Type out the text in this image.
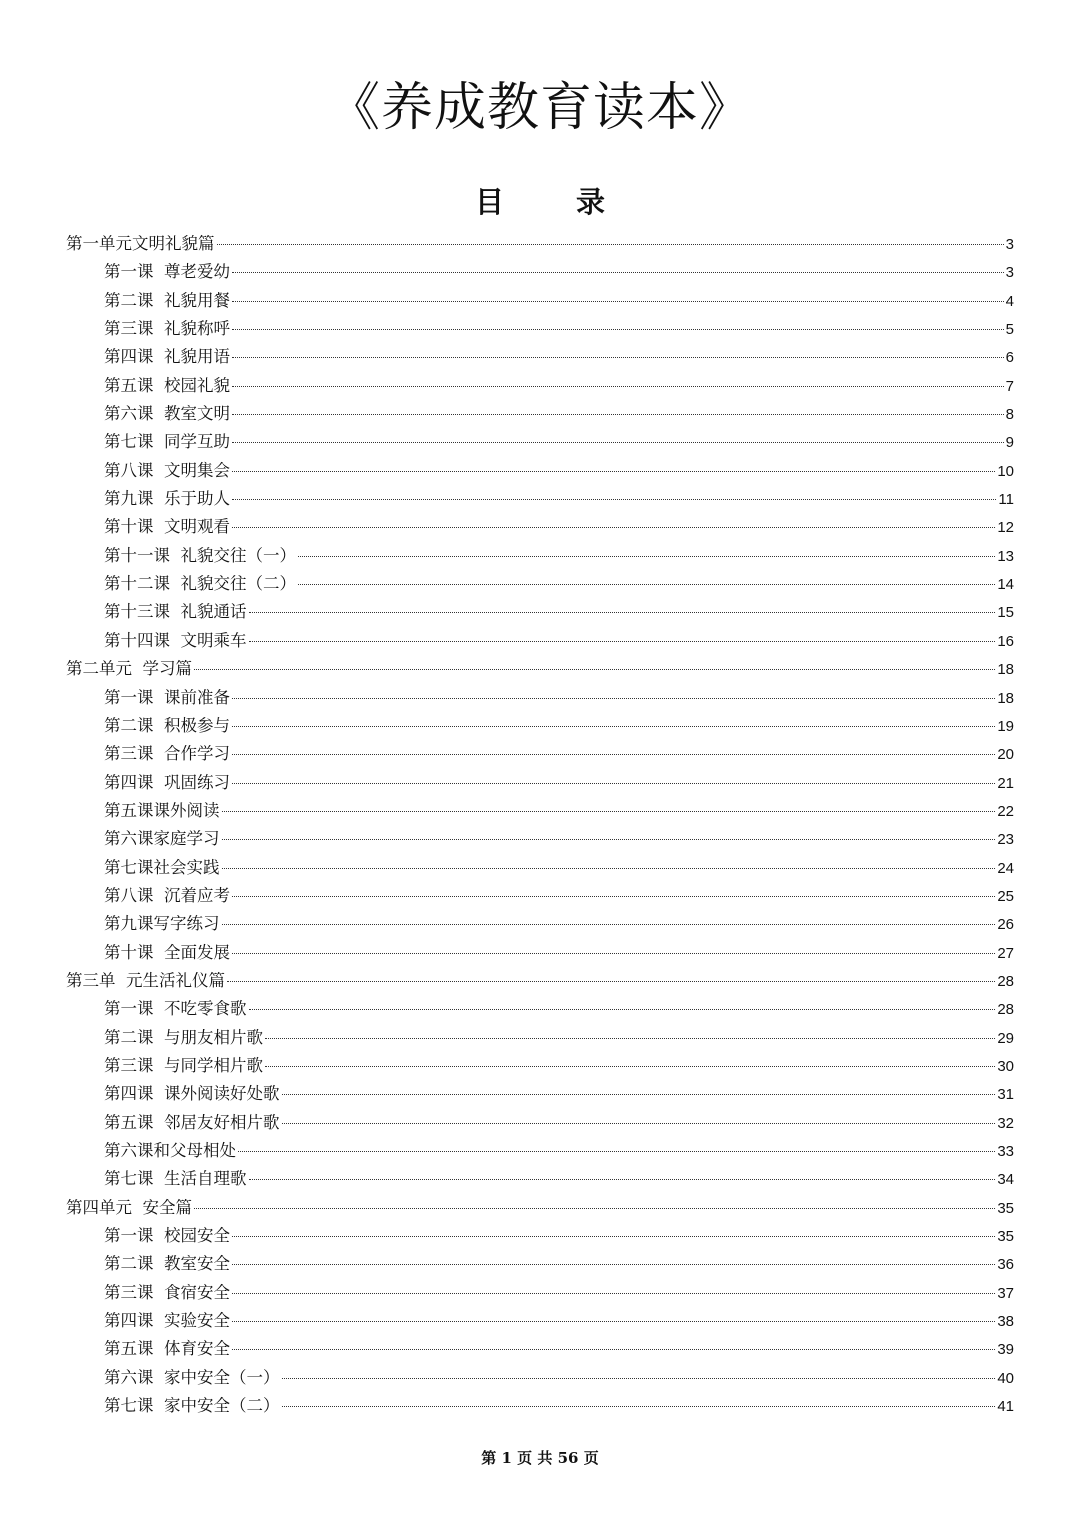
《养成教育读本》
目 录
第一单元文明礼貌篇	3
第一课  尊老爱幼	3
第二课  礼貌用餐	4
第三课  礼貌称呼	5
第四课  礼貌用语	6
第五课  校园礼貌	7
第六课  教室文明	8
第七课  同学互助	9
第八课  文明集会	10
第九课  乐于助人	11
第十课  文明观看	12
第十一课  礼貌交往（一）	13
第十二课  礼貌交往（二）	14
第十三课  礼貌通话	15
第十四课  文明乘车	16
第二单元  学习篇	18
第一课  课前准备	18
第二课  积极参与	19
第三课  合作学习	20
第四课  巩固练习	21
第五课课外阅读	22
第六课家庭学习	23
第七课社会实践	24
第八课  沉着应考	25
第九课写字练习	26
第十课  全面发展	27
第三单  元生活礼仪篇	28
第一课  不吃零食歌	28
第二课  与朋友相片歌	29
第三课  与同学相片歌	30
第四课  课外阅读好处歌	31
第五课  邻居友好相片歌	32
第六课和父母相处	33
第七课  生活自理歌	34
第四单元  安全篇	35
第一课  校园安全	35
第二课  教室安全	36
第三课  食宿安全	37
第四课  实验安全	38
第五课  体育安全	39
第六课  家中安全（一）	40
第七课  家中安全（二）	41
第 1 页 共 56 页
